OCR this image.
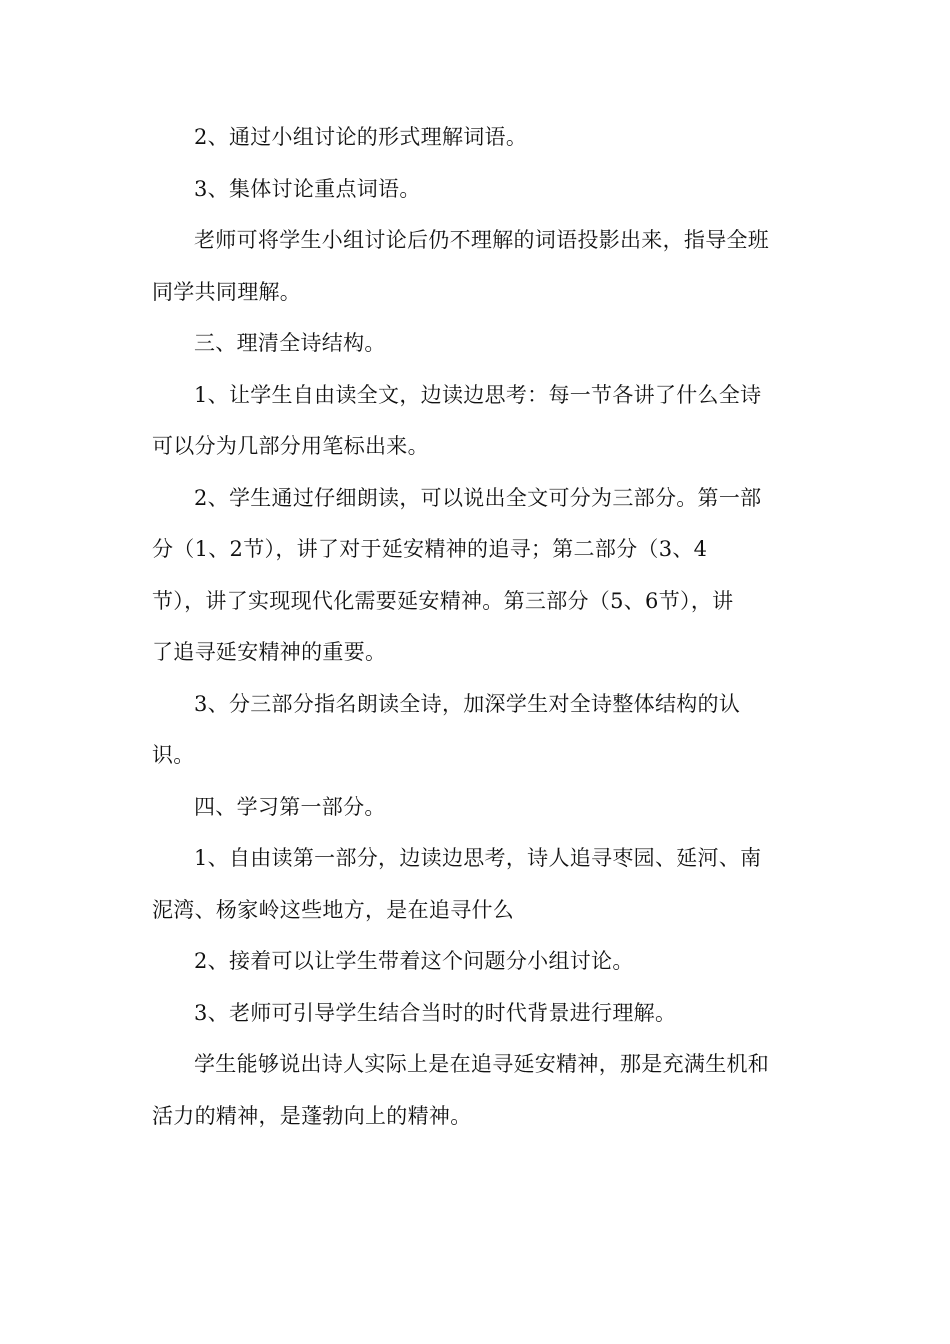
2、通过小组讨论的形式理解词语。
3、集体讨论重点词语。
老师可将学生小组讨论后仍不理解的词语投影出来，指导全班
同学共同理解。
三、理清全诗结构。
1、让学生自由读全文，边读边思考：每一节各讲了什么全诗
可以分为几部分用笔标出来。
2、学生通过仔细朗读，可以说出全文可分为三部分。第一部
分（1、2节），讲了对于延安精神的追寻；第二部分（3、4
节），讲了实现现代化需要延安精神。第三部分（5、6节），讲
了追寻延安精神的重要。
3、分三部分指名朗读全诗，加深学生对全诗整体结构的认
识。
四、学习第一部分。
1、自由读第一部分，边读边思考，诗人追寻枣园、延河、南
泥湾、杨家岭这些地方，是在追寻什么
2、接着可以让学生带着这个问题分小组讨论。
3、老师可引导学生结合当时的时代背景进行理解。
学生能够说出诗人实际上是在追寻延安精神，那是充满生机和
活力的精神，是蓬勃向上的精神。
